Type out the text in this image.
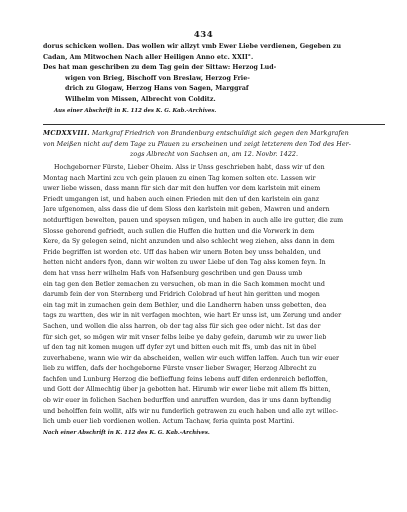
434
dorus schicken wollen. Das wollen wir allzyt vmb Ewer Liebe verdienen, Gegeben zu
Cadan, Am Mitwochen Nach aller Heiligen Anno etc. XXII°.
Des hat man geschriben zu dem Tag gein der Sittaw: Herzog Lud-
wigen von Brieg, Bischoff von Breslaw, Herzog Frie-
drich zu Glogaw, Herzog Hans von Sagen, Marggraf
Wilhelm von Missen, Albrecht von Colditz.
Aus einer Abschrift in K. 112 des K. G. Kab.-Archives.
MCDXXVIII. Markgraf Friedrich von Brandenburg entschuldigt sich gegen den Markgrafen
von Meißen nicht auf dem Tage zu Plauen zu erscheinen und zeigt letzterem den Tod des Her-
zogs Albrecht von Sachsen an, am 12. Novbr. 1422.
Hochgeborner Fürste, Lieber Oheim. Alss ir Unss geschrieben habt, dass wir uf den
Montag nach Martini zcu vch gein plauen zu einen Tag komen solten etc. Lassen wir
uwer liebe wissen, dass mann für sich dar mit den huffen vor dem karlstein mit einem
Friedt umgangen ist, und haben auch einen Frieden mit den uf den karlstein ein ganz
Jare ufgenomen, alss dass die uf dem Sloss den karlstein mit geben, Mawren und andern
notdurftigen bewelten, pauen und speysen mügen, und haben in auch alle ire gutter, die zum
Slosse gehorend gefriedt, auch sullen die Huffen die hutten und die Vorwerk in dem
Kere, da Sy gelegen seind, nicht anzunden und also schlecht weg ziehen, alss dann in dem
Fride begriffen ist worden etc. Uff das haben wir unern Boten bey unss behalden, und
hetten nicht anders fyon, dann wir wolten zu uwer Liebe uf den Tag alss komen feyn. In
dem hat vnss herr wilhelm Hafs von Hafsenburg geschriben und gen Dauss umb
ein tag gen den Betler zemachen zu versuchen, ob man in die Sach kommen mocht und
darumb fein der von Sternberg und Fridrich Colobrad uf heut hin geritten und mogen
ein tag mit in zumachen gein dem Bethler, und die Landherrn haben unss gebetten, dea
tags zu wartten, des wir in nit verfagen mochten, wie hart Er unss ist, um Zerung und ander
Sachen, und wollen die alss harren, ob der tag alss für sich gee oder nicht. Ist das der
für sich get, so mögen wir mit vnser felbs leibe ye daby gefein, darumb wir zu uwer lieb
uf den tag nit komen mugen uff dyfer zyt und bitten euch mit ffs, umb das nit in übel
zuverhabene, wann wie wir da abscheiden, wellen wir euch wiffen laffen. Auch tun wir euer
lieb zu wiffen, dafs der hochgeborne Fürste vnser lieber Swager, Herzog Albrecht zu
fachfen und Lunburg Herzog die beflieffung feins lebens auff difen erdenreich befloffen,
und Gott der Allmechtig über ja gebotten hat. Hirumb wir ewer liebe mit allem ffs bitten,
ob wir euer in folichen Sachen bedurffen und anruffen wurden, das ir uns dann byftendig
und beholffen fein wollit, alfs wir nu funderlich getrawen zu euch haben und alle zyt willec-
lich umb euer lieb vordienen wollen. Actum Tachaw, feria quinta post Martini.
Nach einer Abschrift in K. 112 des K. G. Kab.-Archives.
